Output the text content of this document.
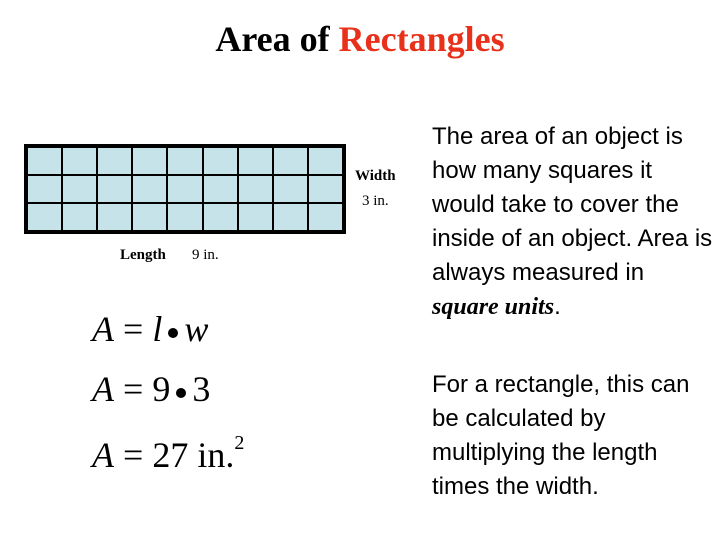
Area of Rectangles
Width
3 in.
Length 9 in.
A = l w
A = 9 3
A = 27 in.$^2$
The area of an object is how many squares it would take to cover the inside of an object. Area is always measured in square units.
For a rectangle, this can be calculated by multiplying the length times the width.
